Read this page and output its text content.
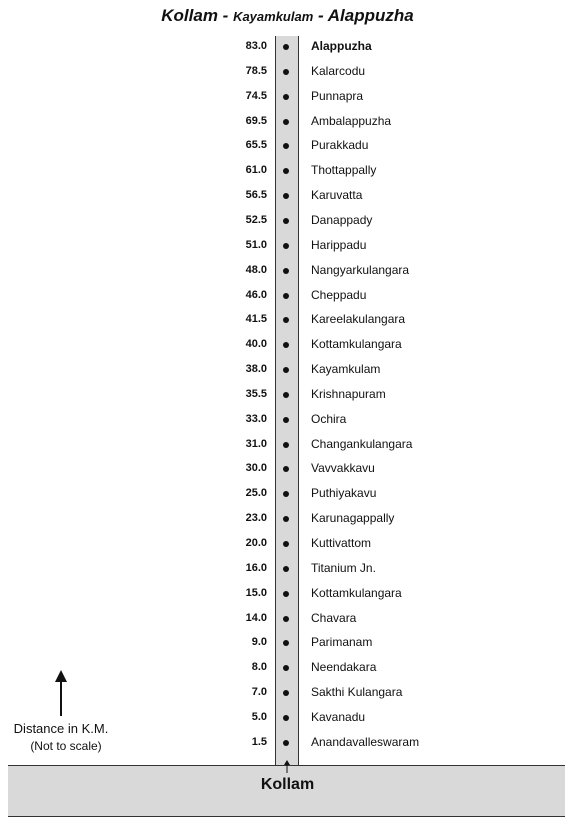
Kollam - Kayamkulam - Alappuzha
Kollam
83.0	Alappuzha
78.5	Kalarcodu
74.5	Punnapra
69.5	Ambalappuzha
65.5	Purakkadu
61.0	Thottappally
56.5	Karuvatta
52.5	Danappady
51.0	Harippadu
48.0	Nangyarkulangara
46.0	Cheppadu
41.5	Kareelakulangara
40.0	Kottamkulangara
38.0	Kayamkulam
35.5	Krishnapuram
33.0	Ochira
31.0	Changankulangara
30.0	Vavvakkavu
25.0	Puthiyakavu
23.0	Karunagappally
20.0	Kuttivattom
16.0	Titanium Jn.
15.0	Kottamkulangara
14.0	Chavara
9.0	Parimanam
8.0	Neendakara
7.0	Sakthi Kulangara
5.0	Kavanadu
1.5	Anandavalleswaram
Distance in K.M.
(Not to scale)
